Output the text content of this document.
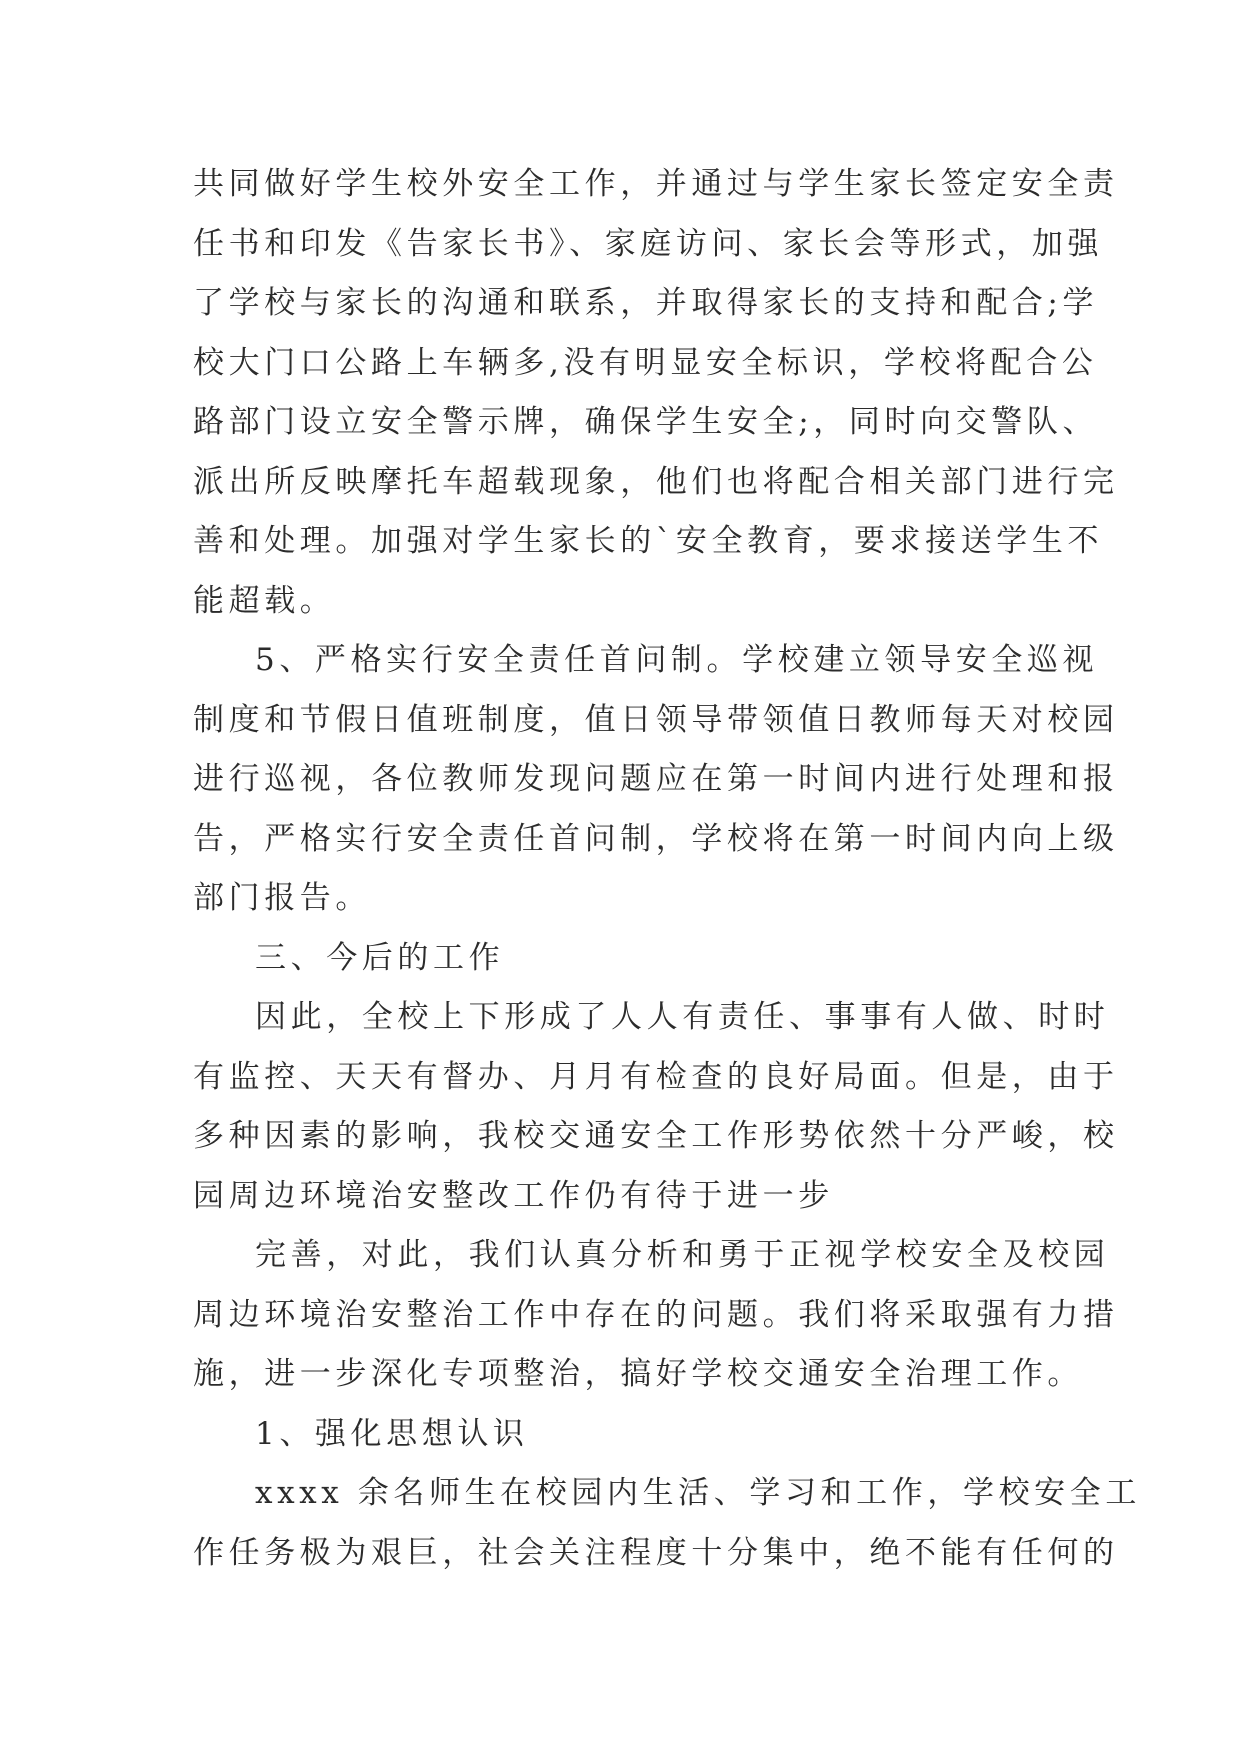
共同做好学生校外安全工作，并通过与学生家长签定安全责
任书和印发《告家长书》、家庭访问、家长会等形式，加强
了学校与家长的沟通和联系，并取得家长的支持和配合;学
校大门口公路上车辆多,没有明显安全标识，学校将配合公
路部门设立安全警示牌，确保学生安全;，同时向交警队、
派出所反映摩托车超载现象，他们也将配合相关部门进行完
善和处理。加强对学生家长的`安全教育，要求接送学生不
能超载。
5、严格实行安全责任首问制。学校建立领导安全巡视
制度和节假日值班制度，值日领导带领值日教师每天对校园
进行巡视，各位教师发现问题应在第一时间内进行处理和报
告，严格实行安全责任首问制，学校将在第一时间内向上级
部门报告。
三、今后的工作
因此，全校上下形成了人人有责任、事事有人做、时时
有监控、天天有督办、月月有检查的良好局面。但是，由于
多种因素的影响，我校交通安全工作形势依然十分严峻，校
园周边环境治安整改工作仍有待于进一步
完善，对此，我们认真分析和勇于正视学校安全及校园
周边环境治安整治工作中存在的问题。我们将采取强有力措
施，进一步深化专项整治，搞好学校交通安全治理工作。
1、强化思想认识
xxxx 余名师生在校园内生活、学习和工作，学校安全工
作任务极为艰巨，社会关注程度十分集中，绝不能有任何的
